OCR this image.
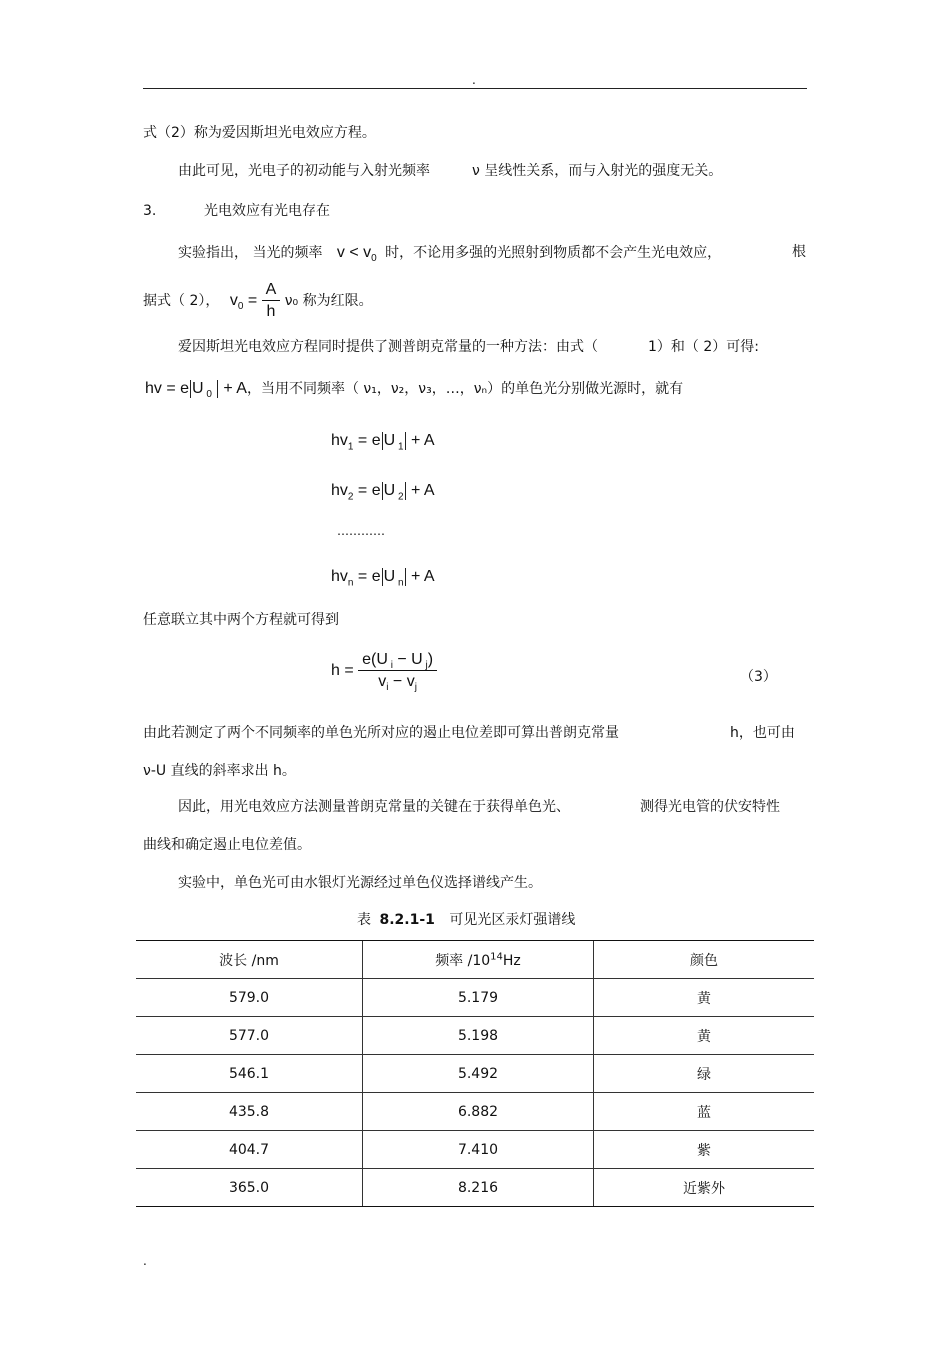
.
式（2）称为爱因斯坦光电效应方程。
由此可见，光电子的初动能与入射光频率	ν 呈线性关系，而与入射光的强度无关。
3.	光电效应有光电存在
实验指出， 当光的频率 $v < v_0$ 时，不论用多强的光照射到物质都不会产生光电效应，	根
据式（ 2）， $v_0 = \frac{A}{h} \nu_0$ 称为红限。
爱因斯坦光电效应方程同时提供了测普朗克常量的一种方法：由式（	1）和（ 2）可得:
hv = e U $_0$ + A，当用不同频率（ ν₁，ν₂，ν₃，…，νₙ）的单色光分别做光源时，就有
$hv_1 = e$ U $_1$ + A
$hv_2 = e$ U $_2$ + A
…………
$hv_n = e$ U $_n$ + A
任意联立其中两个方程就可得到
$h = \frac{e(U _i - U _j)}{v_i - v_j}$	（3）
由此若测定了两个不同频率的单色光所对应的遏止电位差即可算出普朗克常量	h，也可由
ν-U 直线的斜率求出 h。
因此，用光电效应方法测量普朗克常量的关键在于获得单色光、	测得光电管的伏安特性
曲线和确定遏止电位差值。
实验中，单色光可由水银灯光源经过单色仪选择谱线产生。
表 8.2.1-1 可见光区汞灯强谱线
波长 /nm	频率 $/10^{14}Hz$	颜色
579.0	5.179	黄
577.0	5.198	黄
546.1	5.492	绿
435.8	6.882	蓝
404.7	7.410	紫
365.0	8.216	近紫外
.
